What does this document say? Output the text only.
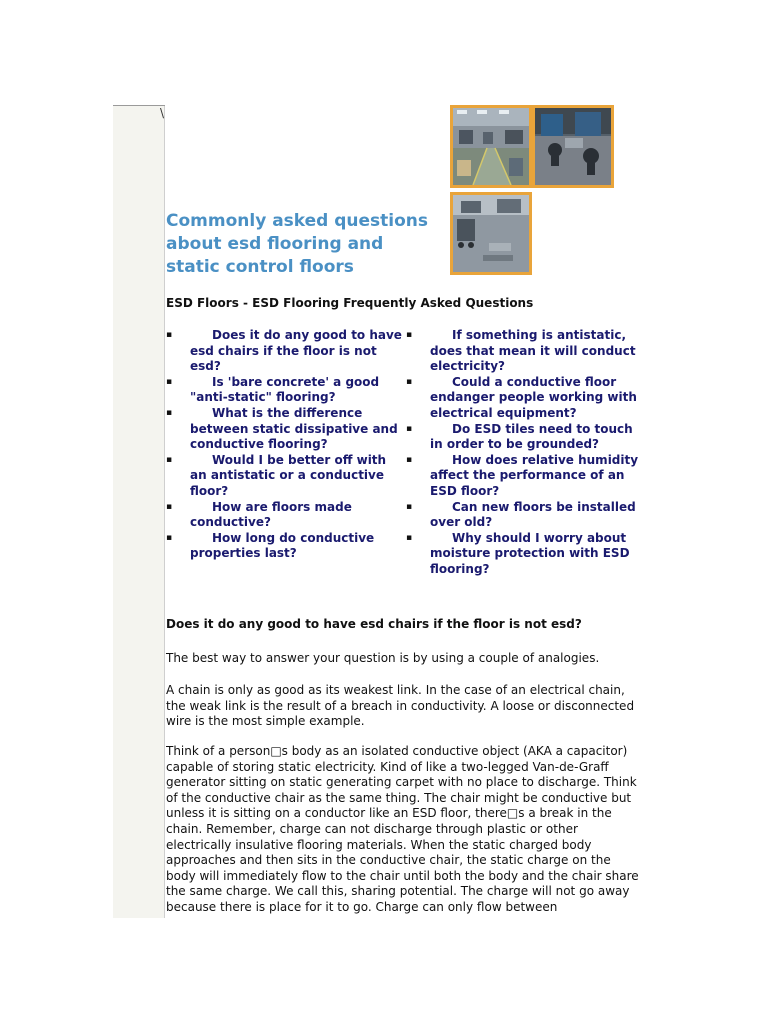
\
Commonly asked questions
about esd flooring and
static control floors
ESD Floors - ESD Flooring Frequently Asked Questions
▪	Does it do any good to have esd chairs if the floor is not esd?
▪	Is 'bare concrete' a good "anti-static" flooring?
▪	What is the difference between static dissipative and conductive flooring?
▪	Would I be better off with an antistatic or a conductive floor?
▪	How are floors made conductive?
▪	How long do conductive properties last?
▪	If something is antistatic, does that mean it will conduct electricity?
▪	Could a conductive floor endanger people working with electrical equipment?
▪	Do ESD tiles need to touch in order to be grounded?
▪	How does relative humidity affect the performance of an ESD floor?
▪	Can new floors be installed over old?
▪	Why should I worry about moisture protection with ESD flooring?
Does it do any good to have esd chairs if the floor is not esd?

The best way to answer your question is by using a couple of analogies.

A chain is only as good as its weakest link. In the case of an electrical chain, the weak link is the result of a breach in conductivity. A loose or disconnected wire is the most simple example.

Think of a person□s body as an isolated conductive object (AKA a capacitor) capable of storing static electricity. Kind of like a two-legged Van-de-Graff generator sitting on static generating carpet with no place to discharge. Think of the conductive chair as the same thing. The chair might be conductive but unless it is sitting on a conductor like an ESD floor, there□s a break in the chain. Remember, charge can not discharge through plastic or other electrically insulative flooring materials. When the static charged body approaches and then sits in the conductive chair, the static charge on the body will immediately flow to the chair until both the body and the chair share the same charge. We call this, sharing potential. The charge will not go away because there is place for it to go. Charge can only flow between
